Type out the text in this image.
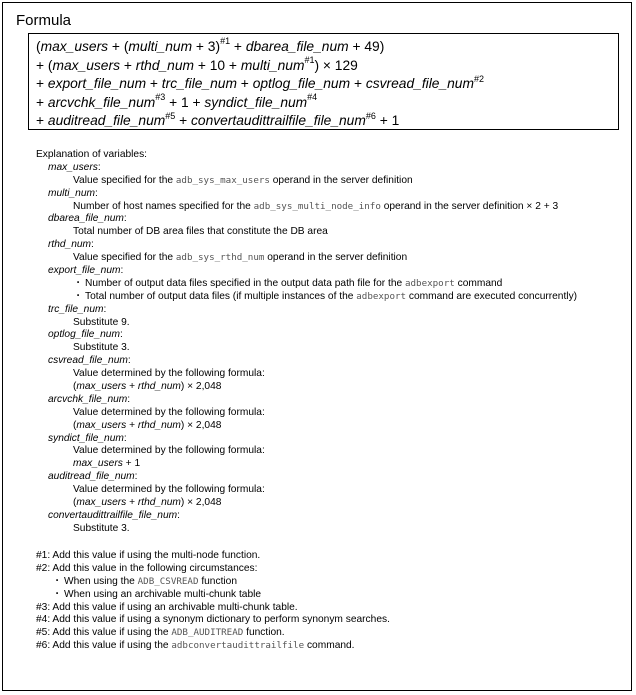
Formula
(max_users + (multi_num + 3)$^{\#1}$ + dbarea_file_num + 49)
+ (max_users + rthd_num + 10 + multi_num$^{\#1}$) × 129
+ export_file_num + trc_file_num + optlog_file_num + csvread_file_num$^{\#2}$
+ arcvchk_file_num$^{\#3}$ + 1 + syndict_file_num$^{\#4}$
+ auditread_file_num$^{\#5}$ + convertaudittrailfile_file_num$^{\#6}$ + 1
Explanation of variables:
max_users:
Value specified for the adb_sys_max_users operand in the server definition
multi_num:
Number of host names specified for the adb_sys_multi_node_info operand in the server definition × 2 + 3
dbarea_file_num:
Total number of DB area files that constitute the DB area
rthd_num:
Value specified for the adb_sys_rthd_num operand in the server definition
export_file_num:
・ Number of output data files specified in the output data path file for the adbexport command
・ Total number of output data files (if multiple instances of the adbexport command are executed concurrently)
trc_file_num:
Substitute 9.
optlog_file_num:
Substitute 3.
csvread_file_num:
Value determined by the following formula:
(max_users + rthd_num) × 2,048
arcvchk_file_num:
Value determined by the following formula:
(max_users + rthd_num) × 2,048
syndict_file_num:
Value determined by the following formula:
max_users + 1
auditread_file_num:
Value determined by the following formula:
(max_users + rthd_num) × 2,048
convertaudittrailfile_file_num:
Substitute 3.
#1: Add this value if using the multi-node function.
#2: Add this value in the following circumstances:
・ When using the ADB_CSVREAD function
・ When using an archivable multi-chunk table
#3: Add this value if using an archivable multi-chunk table.
#4: Add this value if using a synonym dictionary to perform synonym searches.
#5: Add this value if using the ADB_AUDITREAD function.
#6: Add this value if using the adbconvertaudittrailfile command.
